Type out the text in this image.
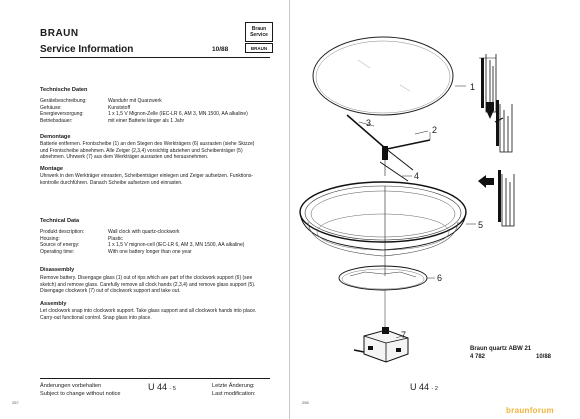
BRAUN
Service Information	10/88
Braun
Service
BRAUN
Technische Daten
Gerätebeschreibung:	Wanduhr mit Quarzwerk
Gehäuse:	Kunststoff
Energieversorgung:	1 x 1,5 V Mignon-Zelle (IEC-LR 6, AM 3, MN 1500, AA alkaline)
Betriebsdauer:	mit einer Batterie länger als 1 Jahr
Demontage
Batterie entfernen. Frontscheibe (1) an den Stegen des Werkträgers (6) ausrasten (siehe Skizze)
und Frontscheibe abnehmen. Alle Zeiger (2,3,4) vorsichtig abziehen und Scheibenträger (5)
abnehmen. Uhrwerk (7) aus dem Werkträger ausrasten und herausnehmen.
Montage
Uhrwerk in den Werkträger einrasten, Scheibenträger einlegen und Zeiger aufsetzen. Funktions-
kontrolle durchführen. Danach Scheibe aufsetzen und einrasten.
Technical Data
Produkt description:	Wall clock with quartz-clockwork
Housing:	Plastic
Source of energy:	1 x 1,5 V mignon-cell (IEC-LR 6, AM 3, MN 1500, AA alkaline)
Operating time:	With one battery longer than one year
Disassembly
Remove battery. Disengage glass (1) out of rips which are part of the clockwork support (6) (see
sketch) and remove glass. Carefully remove all clock hands (2,3,4) and remove glass support (5).
Disengage clockwork (7) out of clockwork support and take out.
Assembly
Let clockwork snap into clockwork support. Take glass support and all clockwork hands into place.
Carry-out functional control. Snap glass into place.
Änderungen vorbehalten
Subject to change without notice
U 44 - 5	Letzte Änderung:
Last modification:
257
1
2
3
4
5
6
7
Braun quartz ABW 21
4 782	10/88
U 44 - 2
256
braunforum
